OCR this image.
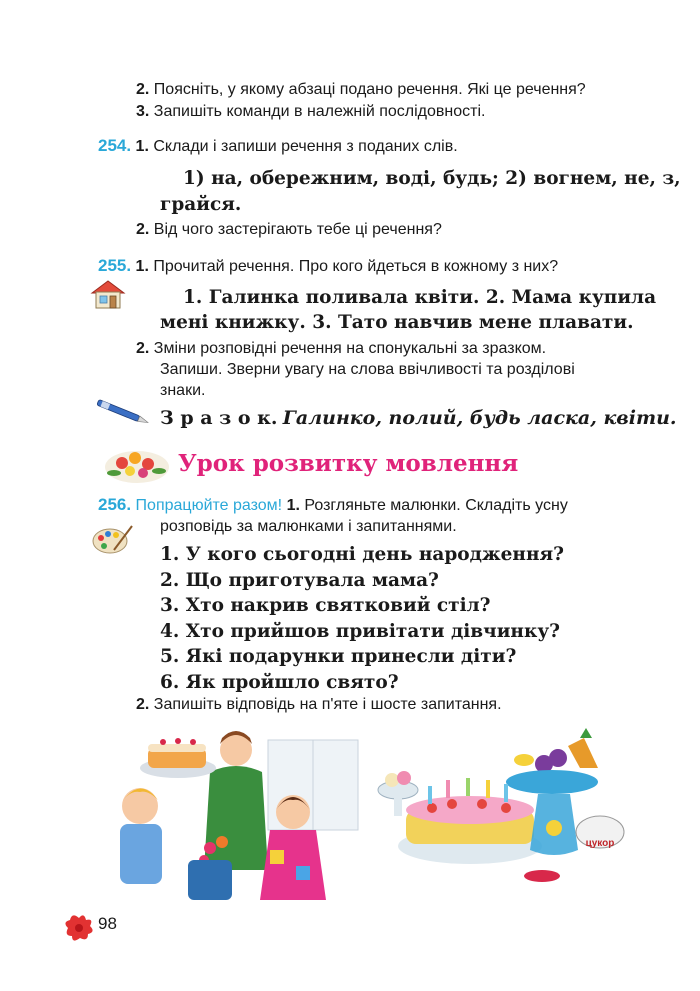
2. Поясніть, у якому абзаці подано речення. Які це речення?
3. Запишіть команди в належній послідовності.
254. 1. Склади і запиши речення з поданих слів.
1) на, обережним, воді, будь; 2) вогнем, не, з,
грайся.
2. Від чого застерігають тебе ці речення?
255. 1. Прочитай речення. Про кого йдеться в кожному з них?
1. Галинка поливала квіти. 2. Мама купила
мені книжку. 3. Тато навчив мене плавати.
2. Зміни розповідні речення на спонукальні за зразком.
Запиши. Зверни увагу на слова ввічливості та розділові
знаки.
З р а з о к. Галинко, полий, будь ласка, квіти.
Урок розвитку мовлення
256. Попрацюйте разом! 1. Розгляньте малюнки. Складіть усну
розповідь за малюнками і запитаннями.
1. У кого сьогодні день народження?
2. Що приготувала мама?
3. Хто накрив святковий стіл?
4. Хто прийшов привітати дівчинку?
5. Які подарунки принесли діти?
6. Як пройшло свято?
2. Запишіть відповідь на п'яте і шосте запитання.
цукор
98
